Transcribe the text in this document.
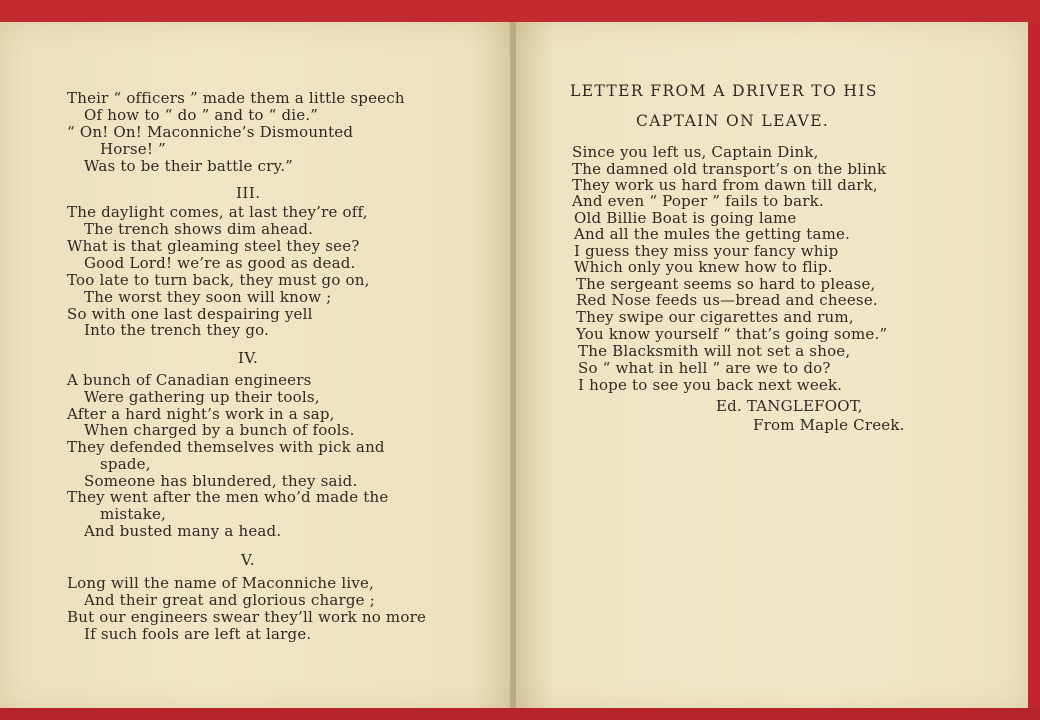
Their “ officers ” made them a little speech
Of how to “ do ” and to “ die.”
“ On! On! Maconniche’s Dismounted
Horse! ”
Was to be their battle cry.”
III.
The daylight comes, at last they’re off,
The trench shows dim ahead.
What is that gleaming steel they see?
Good Lord! we’re as good as dead.
Too late to turn back, they must go on,
The worst they soon will know ;
So with one last despairing yell
Into the trench they go.
IV.
A bunch of Canadian engineers
Were gathering up their tools,
After a hard night’s work in a sap,
When charged by a bunch of fools.
They defended themselves with pick and
spade,
Someone has blundered, they said.
They went after the men who’d made the
mistake,
And busted many a head.
V.
Long will the name of Maconniche live,
And their great and glorious charge ;
But our engineers swear they’ll work no more
If such fools are left at large.
LETTER FROM A DRIVER TO HIS
CAPTAIN ON LEAVE.
Since you left us, Captain Dink,
The damned old transport’s on the blink
They work us hard from dawn till dark,
And even “ Poper ” fails to bark.
Old Billie Boat is going lame
And all the mules the getting tame.
I guess they miss your fancy whip
Which only you knew how to flip.
The sergeant seems so hard to please,
Red Nose feeds us—bread and cheese.
They swipe our cigarettes and rum,
You know yourself “ that’s going some.”
The Blacksmith will not set a shoe,
So “ what in hell ” are we to do?
I hope to see you back next week.
Ed. TANGLEFOOT,
From Maple Creek.
